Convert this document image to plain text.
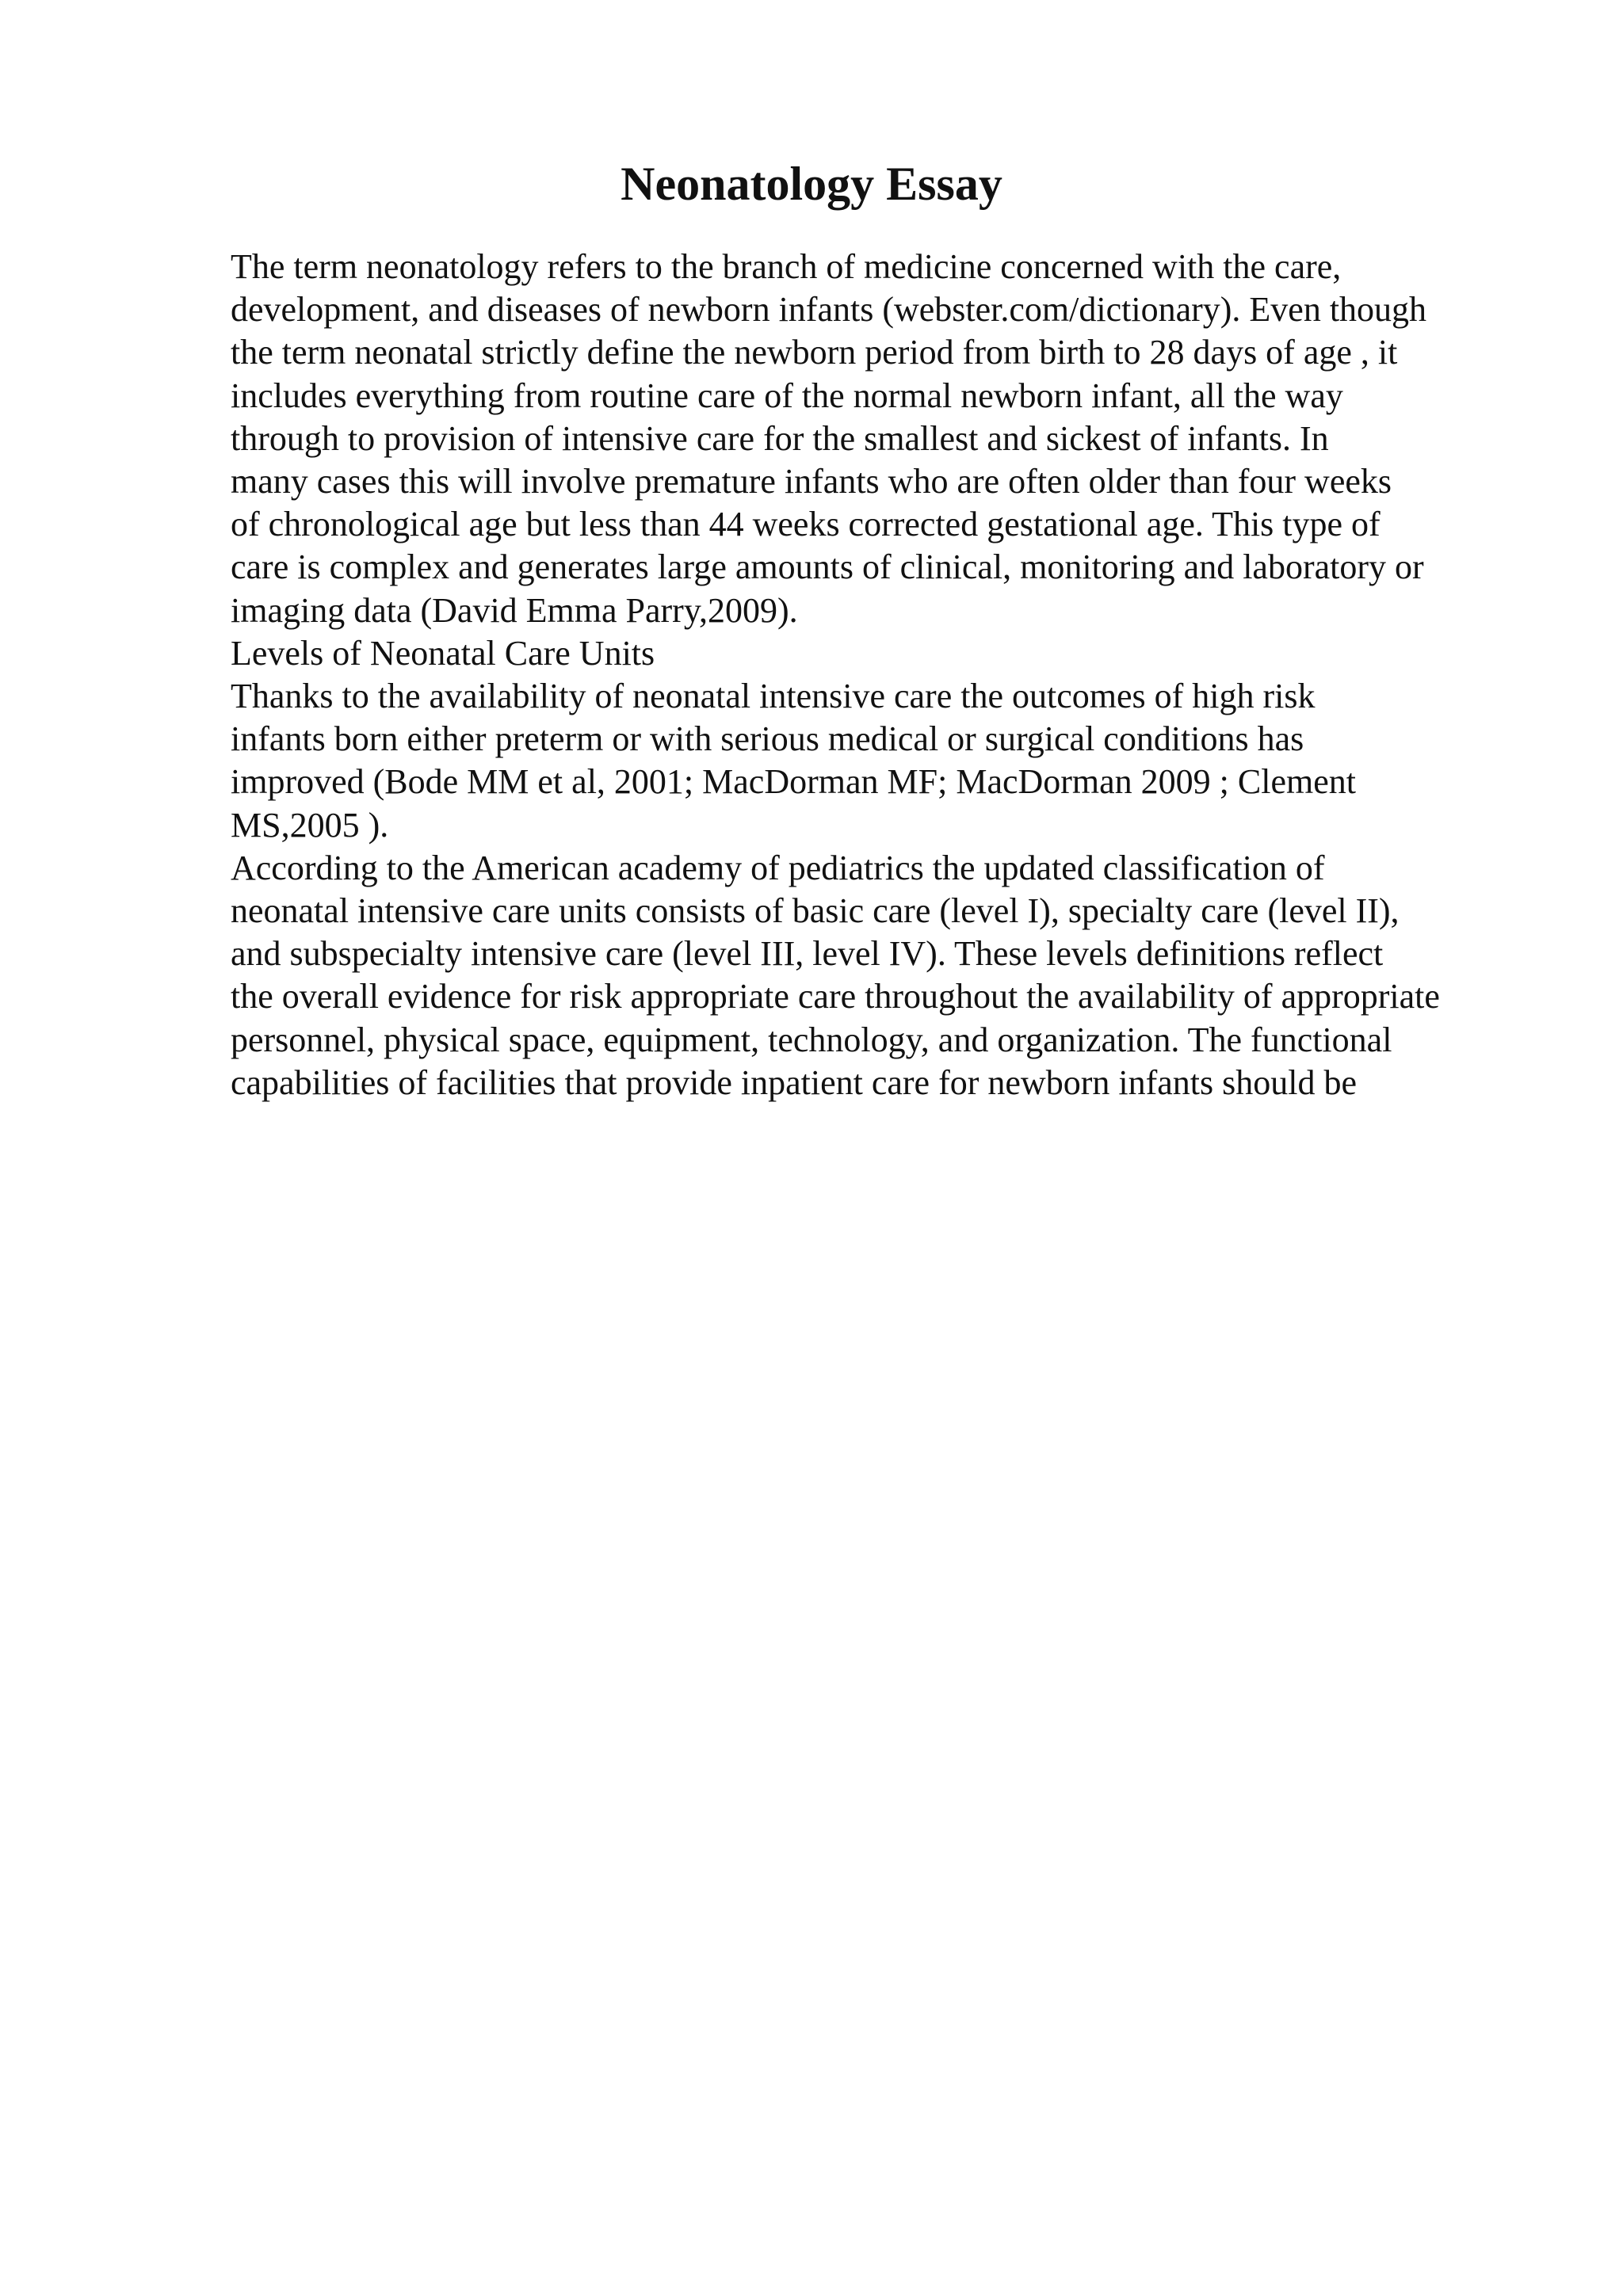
Neonatology Essay
The term neonatology refers to the branch of medicine concerned with the care,
development, and diseases of newborn infants (webster.com/dictionary). Even though
the term neonatal strictly define the newborn period from birth to 28 days of age , it
includes everything from routine care of the normal newborn infant, all the way
through to provision of intensive care for the smallest and sickest of infants. In
many cases this will involve premature infants who are often older than four weeks
of chronological age but less than 44 weeks corrected gestational age. This type of
care is complex and generates large amounts of clinical, monitoring and laboratory or
imaging data (David Emma Parry,2009).
Levels of Neonatal Care Units
Thanks to the availability of neonatal intensive care the outcomes of high risk
infants born either preterm or with serious medical or surgical conditions has
improved (Bode MM et al, 2001; MacDorman MF; MacDorman 2009 ; Clement
MS,2005 ).
According to the American academy of pediatrics the updated classification of
neonatal intensive care units consists of basic care (level I), specialty care (level II),
and subspecialty intensive care (level III, level IV). These levels definitions reflect
the overall evidence for risk appropriate care throughout the availability of appropriate
personnel, physical space, equipment, technology, and organization. The functional
capabilities of facilities that provide inpatient care for newborn infants should be
